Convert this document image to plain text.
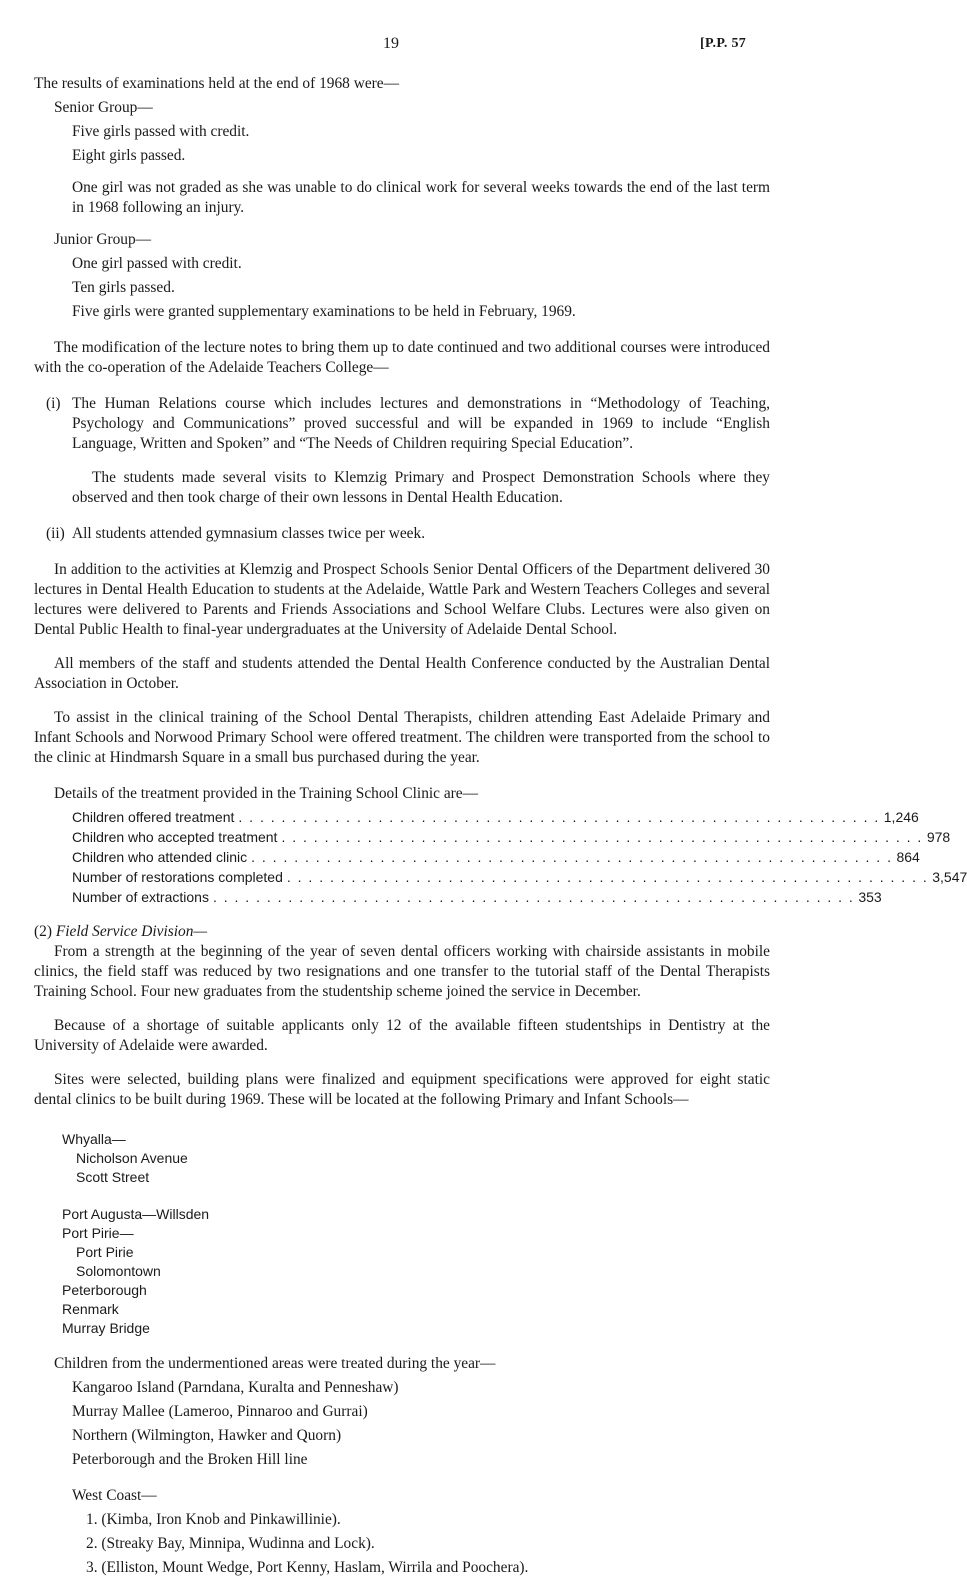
19	[P.P. 57

The results of examinations held at the end of 1968 were—

Senior Group—

Five girls passed with credit.

Eight girls passed.

One girl was not graded as she was unable to do clinical work for several weeks towards the end of the last term in 1968 following an injury.

Junior Group—

One girl passed with credit.

Ten girls passed.

Five girls were granted supplementary examinations to be held in February, 1969.

The modification of the lecture notes to bring them up to date continued and two additional courses were introduced with the co-operation of the Adelaide Teachers College—

(i) The Human Relations course which includes lectures and demonstrations in “Methodology of Teaching, Psychology and Communications” proved successful and will be expanded in 1969 to include “English Language, Written and Spoken” and “The Needs of Children requiring Special Education”.

The students made several visits to Klemzig Primary and Prospect Demonstration Schools where they observed and then took charge of their own lessons in Dental Health Education.

(ii) All students attended gymnasium classes twice per week.

In addition to the activities at Klemzig and Prospect Schools Senior Dental Officers of the Department delivered 30 lectures in Dental Health Education to students at the Adelaide, Wattle Park and Western Teachers Colleges and several lectures were delivered to Parents and Friends Associations and School Welfare Clubs. Lectures were also given on Dental Public Health to final-year undergraduates at the University of Adelaide Dental School.

All members of the staff and students attended the Dental Health Conference conducted by the Australian Dental Association in October.

To assist in the clinical training of the School Dental Therapists, children attending East Adelaide Primary and Infant Schools and Norwood Primary School were offered treatment. The children were transported from the school to the clinic at Hindmarsh Square in a small bus purchased during the year.

Details of the treatment provided in the Training School Clinic are—

Children offered treatment . . . . . . . . . . . . . . . . . . . . . . . . . . . . . . . . . . . . . . . . . . . . . . . . . . . . . . . . . . . . 1,246
Children who accepted treatment . . . . . . . . . . . . . . . . . . . . . . . . . . . . . . . . . . . . . . . . . . . . . . . . . . . . . . . . . . . . 978
Children who attended clinic . . . . . . . . . . . . . . . . . . . . . . . . . . . . . . . . . . . . . . . . . . . . . . . . . . . . . . . . . . . . 864
Number of restorations completed . . . . . . . . . . . . . . . . . . . . . . . . . . . . . . . . . . . . . . . . . . . . . . . . . . . . . . . . . . . . 3,547
Number of extractions . . . . . . . . . . . . . . . . . . . . . . . . . . . . . . . . . . . . . . . . . . . . . . . . . . . . . . . . . . . . 353

(2) Field Service Division—

From a strength at the beginning of the year of seven dental officers working with chairside assistants in mobile clinics, the field staff was reduced by two resignations and one transfer to the tutorial staff of the Dental Therapists Training School. Four new graduates from the studentship scheme joined the service in December.

Because of a shortage of suitable applicants only 12 of the available fifteen studentships in Dentistry at the University of Adelaide were awarded.

Sites were selected, building plans were finalized and equipment specifications were approved for eight static dental clinics to be built during 1969. These will be located at the following Primary and Infant Schools—

Whyalla—
Nicholson Avenue
Scott Street
Port Augusta—Willsden
Port Pirie—
Port Pirie
Solomontown
Peterborough
Renmark
Murray Bridge

Children from the undermentioned areas were treated during the year—

Kangaroo Island (Parndana, Kuralta and Penneshaw)

Murray Mallee (Lameroo, Pinnaroo and Gurrai)

Northern (Wilmington, Hawker and Quorn)

Peterborough and the Broken Hill line

West Coast—

1. (Kimba, Iron Knob and Pinkawillinie).

2. (Streaky Bay, Minnipa, Wudinna and Lock).

3. (Elliston, Mount Wedge, Port Kenny, Haslam, Wirrila and Poochera).
